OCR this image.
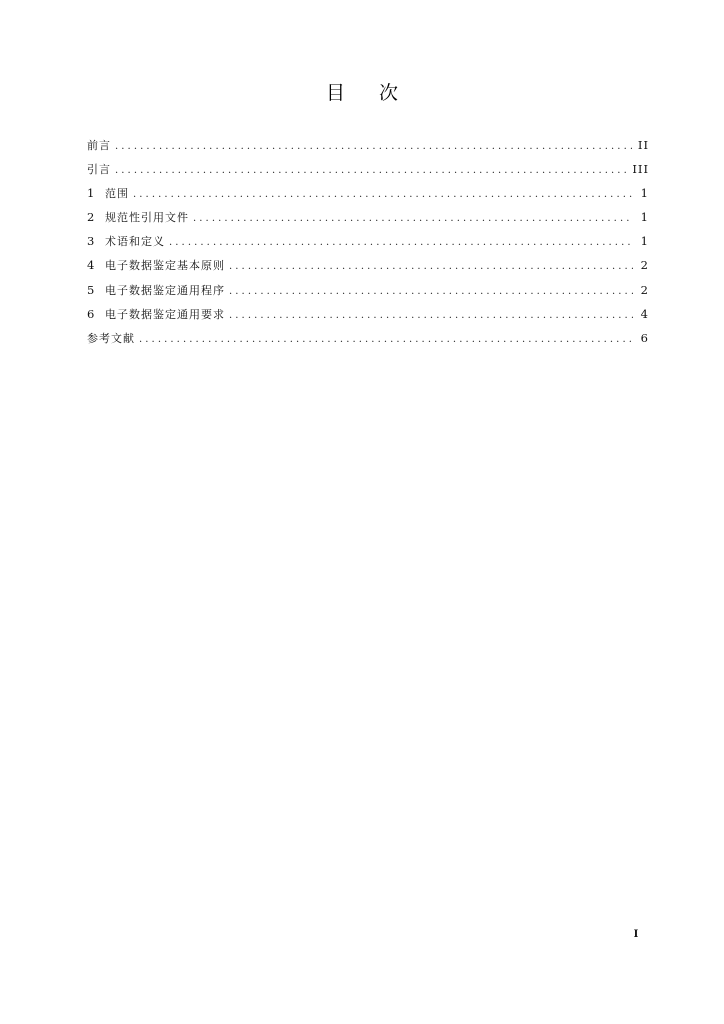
目次
前言 .....	II
引言 .....	III
1 范围 .....	1
2 规范性引用文件 .....	1
3 术语和定义 .....	1
4 电子数据鉴定基本原则 .....	2
5 电子数据鉴定通用程序 .....	2
6 电子数据鉴定通用要求 .....	4
参考文献 .....	6
I
